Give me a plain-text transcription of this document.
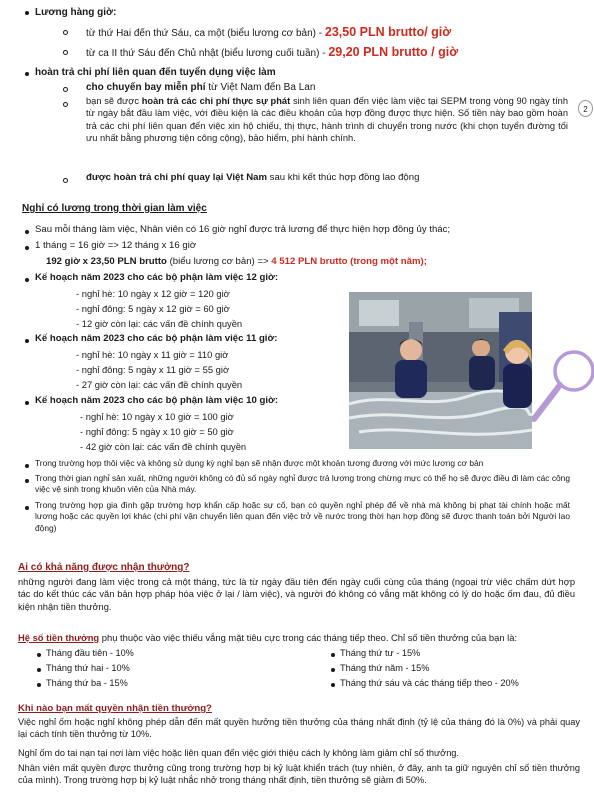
Lương hàng giờ:
từ thứ Hai đến thứ Sáu, ca một (biểu lương cơ bản) - 23,50 PLN brutto/ giờ
từ ca II thứ Sáu đến Chủ nhật (biểu lương cuối tuần) - 29,20 PLN brutto / giờ
hoàn trả chi phí liên quan đến tuyển dụng việc làm
cho chuyến bay miễn phí từ Việt Nam đến Ba Lan
bạn sẽ được hoàn trả các chi phí thực sự phát sinh liên quan đến việc làm việc tại SEPM trong vòng 90 ngày tính từ ngày bắt đầu làm việc, với điều kiện là các điều khoản của hợp đồng được thực hiện. Số tiền này bao gồm hoàn trả các chi phí liên quan đến việc xin hộ chiếu, thị thực, hành trình di chuyển trong nước (khi chọn tuyển đường tối ưu nhất bằng phương tiện công cộng), bảo hiểm, phí hành chính.
được hoàn trả chi phí quay lại Việt Nam sau khi kết thúc hợp đồng lao động
2
Nghỉ có lương trong thời gian làm việc
Sau mỗi tháng làm việc, Nhân viên có 16 giờ nghỉ được trả lương để thực hiện hợp đồng ủy thác;
1 tháng = 16 giờ => 12 tháng x 16 giờ
192 giờ x 23,50 PLN brutto (biểu lương cơ bản) => 4 512 PLN brutto (trong một năm);
Kế hoạch năm 2023 cho các bộ phận làm việc 12 giờ:
- nghỉ hè: 10 ngày x 12 giờ = 120 giờ
- nghỉ đông: 5 ngày x 12 giờ = 60 giờ
- 12 giờ còn lại: các vấn đề chính quyền
Kế hoạch năm 2023 cho các bộ phận làm việc 11 giờ:
- nghỉ hè: 10 ngày x 11 giờ = 110 giờ
- nghỉ đông: 5 ngày x 11 giờ = 55 giờ
- 27 giờ còn lại: các vấn đề chính quyền
Kế hoạch năm 2023 cho các bộ phận làm việc 10 giờ:
- nghỉ hè: 10 ngày x 10 giờ = 100 giờ
- nghỉ đông: 5 ngày x 10 giờ = 50 giờ
- 42 giờ còn lại: các vấn đề chính quyền
Trong trường hợp thôi việc và không sử dụng kỳ nghỉ bạn sẽ nhận được một khoản tương đương với mức lương cơ bản
Trong thời gian nghỉ sản xuất, những người không có đủ số ngày nghỉ được trả lương trong chừng mực có thể họ sẽ được điều đi làm các công việc vệ sinh trong khuôn viên của Nhà máy.
Trong trường hợp gia đình gặp trường hợp khẩn cấp hoặc sự cố, bạn có quyền nghỉ phép để về nhà mà không bị phạt tài chính hoặc mất lương hoặc các quyền lợi khác (chi phí vận chuyển liên quan đến việc trở về nước trong thời hạn hợp đồng sẽ được thanh toán bởi Người lao động)
Ai có khả năng được nhận thưởng?
những người đang làm việc trong cả một tháng, tức là từ ngày đầu tiên đến ngày cuối cùng của tháng (ngoại trừ việc chấm dứt hợp tác do kết thúc các văn bản hợp pháp hóa việc ở lại / làm việc), và người đó không có vắng mặt không có lý do hoặc ốm đau, đủ điều kiện nhận tiền thưởng.
Hệ số tiền thưởng phụ thuộc vào việc thiếu vắng mặt tiêu cực trong các tháng tiếp theo. Chỉ số tiền thưởng của bạn là:
Tháng đầu tiên - 10%
Tháng thứ hai - 10%
Tháng thứ ba - 15%
Tháng thứ tư - 15%
Tháng thứ năm - 15%
Tháng thứ sáu và các tháng tiếp theo - 20%
Khi nào bạn mất quyền nhận tiền thưởng?
Việc nghỉ ốm hoặc nghỉ không phép dẫn đến mất quyền hưởng tiền thưởng của tháng nhất định (tỷ lệ của tháng đó là 0%) và phải quay lại cách tính tiền thưởng từ 10%.
Nghỉ ốm do tai nạn tại nơi làm việc hoặc liên quan đến việc giới thiệu cách ly không làm giảm chỉ số thưởng.
Nhân viên mất quyền được thưởng cũng trong trường hợp bị kỷ luật khiển trách (tuy nhiên, ở đây, anh ta giữ nguyên chỉ số tiền thưởng của mình). Trong trường hợp bị kỷ luật nhắc nhở trong tháng nhất định, tiền thưởng sẽ giảm đi 50%.
